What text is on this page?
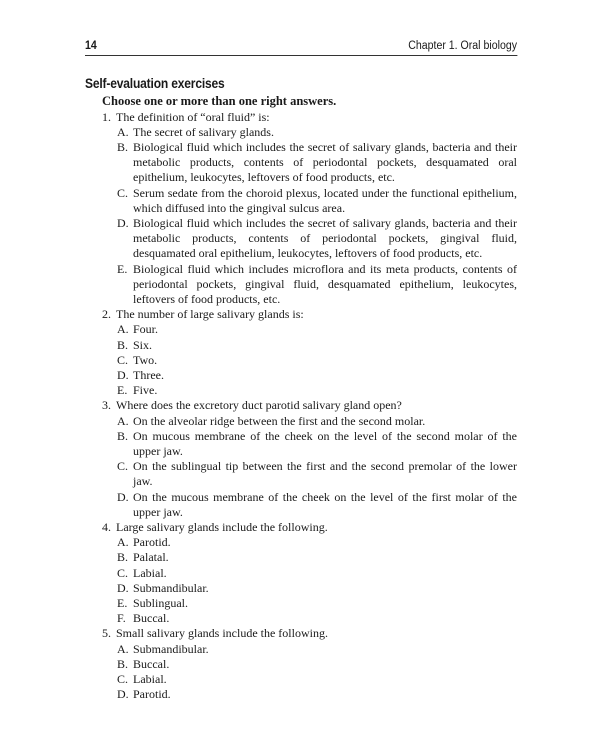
14	Chapter 1. Oral biology
Self-evaluation exercises
Choose one or more than one right answers.
1. The definition of “oral fluid” is:
A. The secret of salivary glands.
B. Biological fluid which includes the secret of salivary glands, bacteria and their metabolic products, contents of periodontal pockets, desquamated oral epithelium, leukocytes, leftovers of food products, etc.
C. Serum sedate from the choroid plexus, located under the functional epithelium, which diffused into the gingival sulcus area.
D. Biological fluid which includes the secret of salivary glands, bacteria and their metabolic products, contents of periodontal pockets, gingival fluid, desquamated oral epithelium, leukocytes, leftovers of food products, etc.
E. Biological fluid which includes microflora and its meta products, contents of periodontal pockets, gingival fluid, desquamated epithelium, leukocytes, leftovers of food products, etc.
2. The number of large salivary glands is:
A. Four.
B. Six.
C. Two.
D. Three.
E. Five.
3. Where does the excretory duct parotid salivary gland open?
A. On the alveolar ridge between the first and the second molar.
B. On mucous membrane of the cheek on the level of the second molar of the upper jaw.
C. On the sublingual tip between the first and the second premolar of the lower jaw.
D. On the mucous membrane of the cheek on the level of the first molar of the upper jaw.
4. Large salivary glands include the following.
A. Parotid.
B. Palatal.
C. Labial.
D. Submandibular.
E. Sublingual.
F. Buccal.
5. Small salivary glands include the following.
A. Submandibular.
B. Buccal.
C. Labial.
D. Parotid.
